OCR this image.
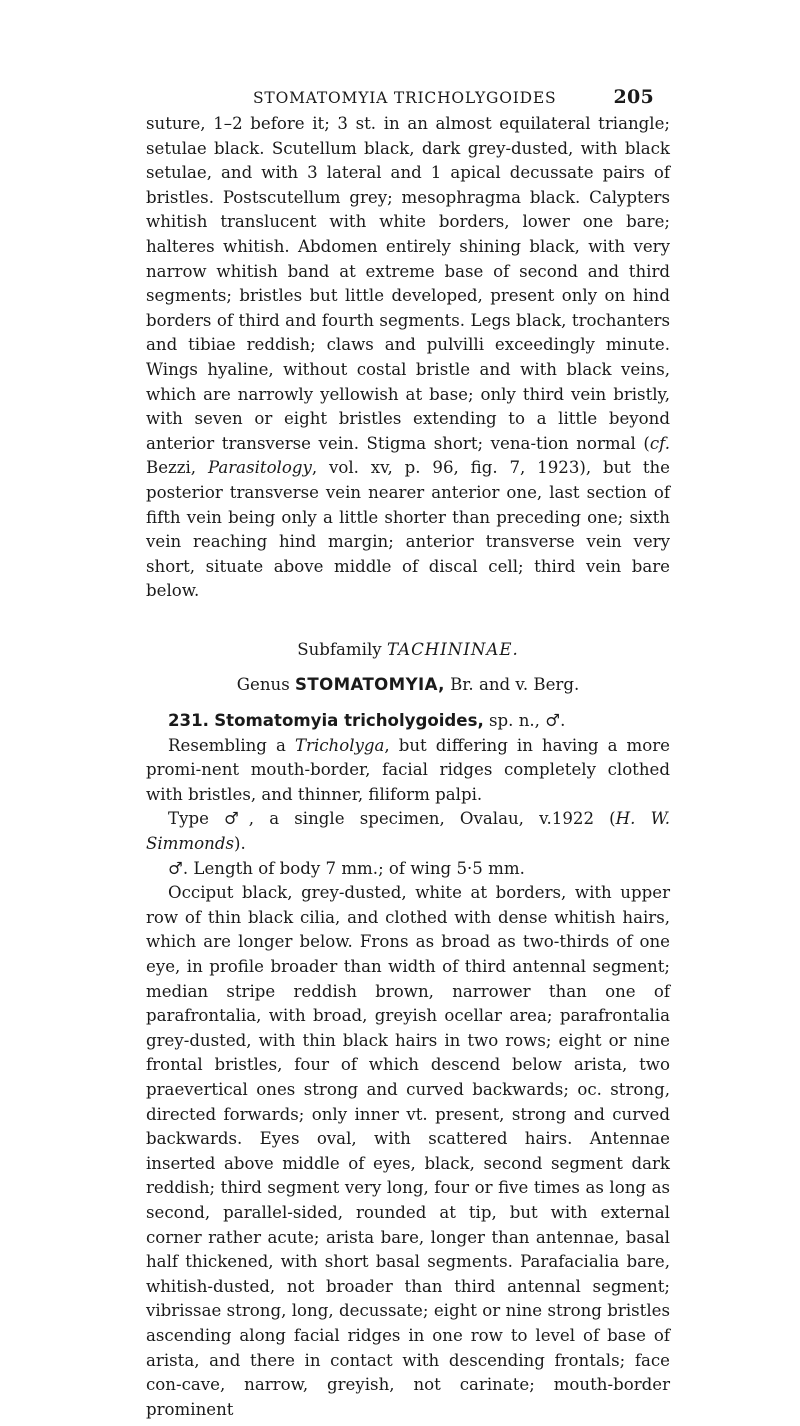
STOMATOMYIA TRICHOLYGOIDES	205

suture, 1–2 before it; 3 st. in an almost equilateral triangle; setulae black. Scutellum black, dark grey-dusted, with black setulae, and with 3 lateral and 1 apical decussate pairs of bristles. Postscutellum grey; mesophragma black. Calypters whitish translucent with white borders, lower one bare; halteres whitish. Abdomen entirely shining black, with very narrow whitish band at extreme base of second and third segments; bristles but little developed, present only on hind borders of third and fourth segments. Legs black, trochanters and tibiae reddish; claws and pulvilli exceedingly minute. Wings hyaline, without costal bristle and with black veins, which are narrowly yellowish at base; only third vein bristly, with seven or eight bristles extending to a little beyond anterior transverse vein. Stigma short; vena-tion normal (cf. Bezzi, Parasitology, vol. xv, p. 96, fig. 7, 1923), but the posterior transverse vein nearer anterior one, last section of fifth vein being only a little shorter than preceding one; sixth vein reaching hind margin; anterior transverse vein very short, situate above middle of discal cell; third vein bare below.

Subfamily TACHININAE.
Genus STOMATOMYIA, Br. and v. Berg.
231. Stomatomyia tricholygoides, sp. n., ♂.

Resembling a Tricholyga, but differing in having a more promi-nent mouth-border, facial ridges completely clothed with bristles, and thinner, filiform palpi.

Type ♂, a single specimen, Ovalau, v.1922 (H. W. Simmonds).

♂. Length of body 7 mm.; of wing 5·5 mm.

Occiput black, grey-dusted, white at borders, with upper row of thin black cilia, and clothed with dense whitish hairs, which are longer below. Frons as broad as two-thirds of one eye, in profile broader than width of third antennal segment; median stripe reddish brown, narrower than one of parafrontalia, with broad, greyish ocellar area; parafrontalia grey-dusted, with thin black hairs in two rows; eight or nine frontal bristles, four of which descend below arista, two praevertical ones strong and curved backwards; oc. strong, directed forwards; only inner vt. present, strong and curved backwards. Eyes oval, with scattered hairs. Antennae inserted above middle of eyes, black, second segment dark reddish; third segment very long, four or five times as long as second, parallel-sided, rounded at tip, but with external corner rather acute; arista bare, longer than antennae, basal half thickened, with short basal segments. Parafacialia bare, whitish-dusted, not broader than third antennal segment; vibrissae strong, long, decussate; eight or nine strong bristles ascending along facial ridges in one row to level of base of arista, and there in contact with descending frontals; face con-cave, narrow, greyish, not carinate; mouth-border prominent
